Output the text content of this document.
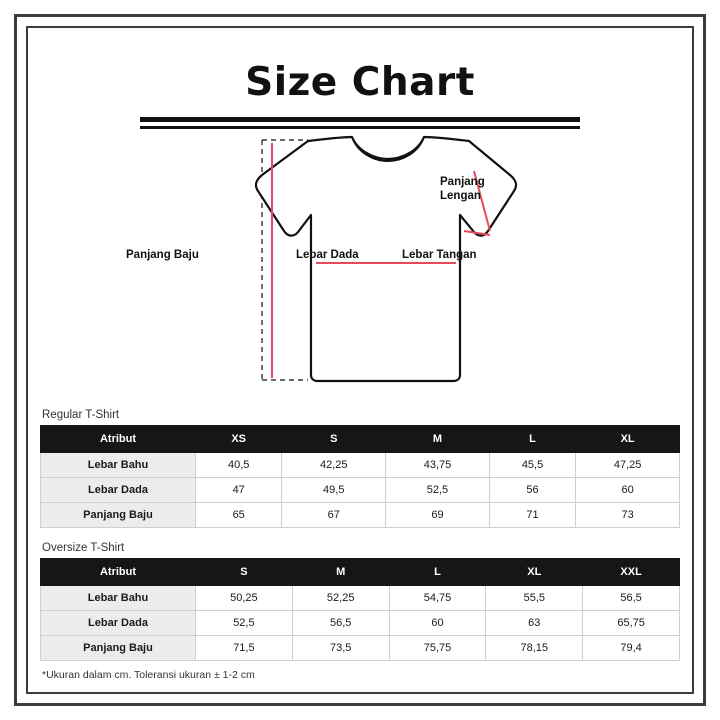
Size Chart
Panjang
Lengan
Lebar Tangan
Lebar Dada
Panjang Baju
Regular T-Shirt
Atribut	XS	S	M	L	XL
Lebar Bahu	40,5	42,25	43,75	45,5	47,25
Lebar Dada	47	49,5	52,5	56	60
Panjang Baju	65	67	69	71	73
Oversize T-Shirt
Atribut	S	M	L	XL	XXL
Lebar Bahu	50,25	52,25	54,75	55,5	56,5
Lebar Dada	52,5	56,5	60	63	65,75
Panjang Baju	71,5	73,5	75,75	78,15	79,4
*Ukuran dalam cm. Toleransi ukuran ± 1-2 cm
